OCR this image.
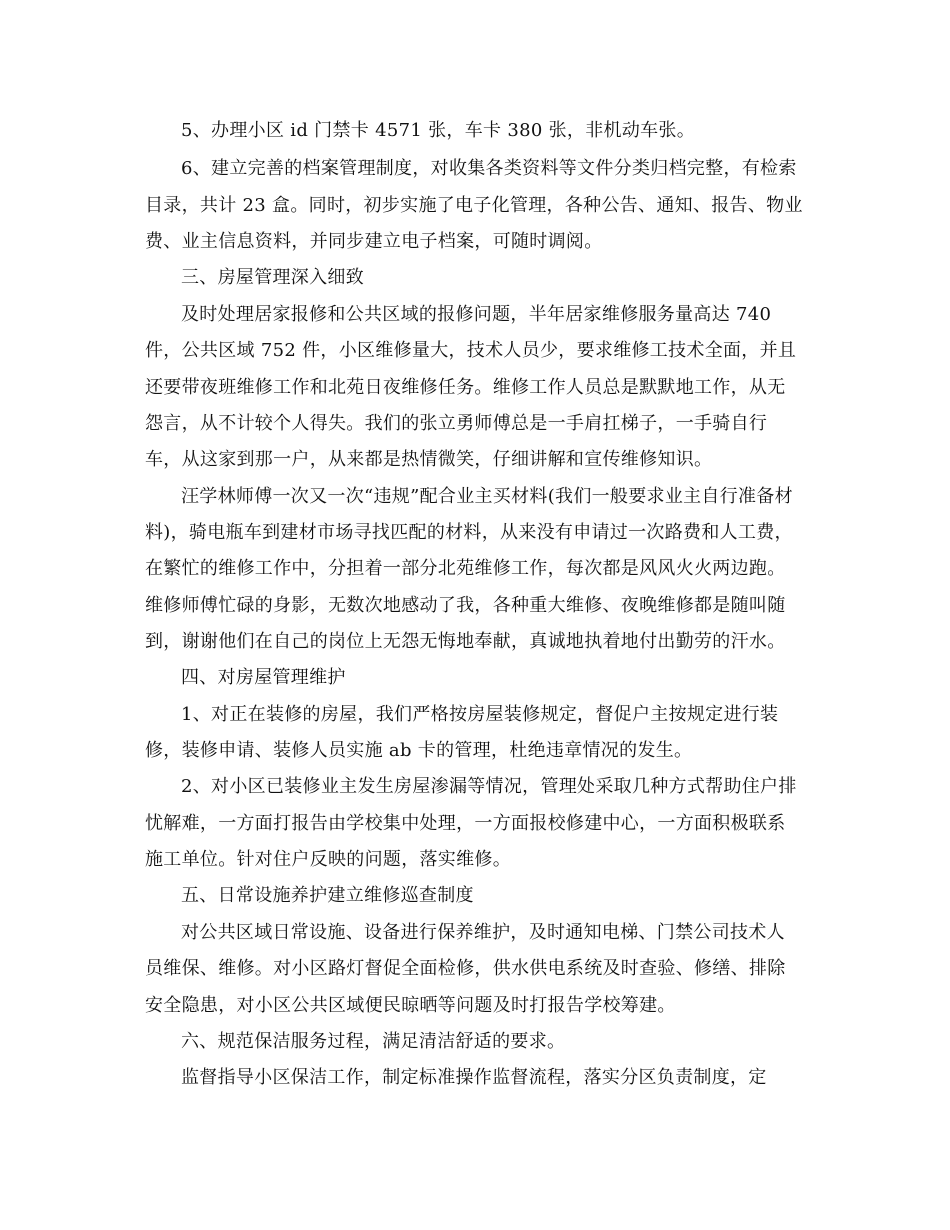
5、办理小区 id 门禁卡 4571 张，车卡 380 张，非机动车张。
6、建立完善的档案管理制度，对收集各类资料等文件分类归档完整，有检索
目录，共计 23 盒。同时，初步实施了电子化管理，各种公告、通知、报告、物业
费、业主信息资料，并同步建立电子档案，可随时调阅。
三、房屋管理深入细致
及时处理居家报修和公共区域的报修问题，半年居家维修服务量高达 740
件，公共区域 752 件，小区维修量大，技术人员少，要求维修工技术全面，并且
还要带夜班维修工作和北苑日夜维修任务。维修工作人员总是默默地工作，从无
怨言，从不计较个人得失。我们的张立勇师傅总是一手肩扛梯子，一手骑自行
车，从这家到那一户，从来都是热情微笑，仔细讲解和宣传维修知识。
汪学林师傅一次又一次“违规”配合业主买材料(我们一般要求业主自行准备材
料)，骑电瓶车到建材市场寻找匹配的材料，从来没有申请过一次路费和人工费，
在繁忙的维修工作中，分担着一部分北苑维修工作，每次都是风风火火两边跑。
维修师傅忙碌的身影，无数次地感动了我，各种重大维修、夜晚维修都是随叫随
到，谢谢他们在自己的岗位上无怨无悔地奉献，真诚地执着地付出勤劳的汗水。
四、对房屋管理维护
1、对正在装修的房屋，我们严格按房屋装修规定，督促户主按规定进行装
修，装修申请、装修人员实施 ab 卡的管理，杜绝违章情况的发生。
2、对小区已装修业主发生房屋渗漏等情况，管理处采取几种方式帮助住户排
忧解难，一方面打报告由学校集中处理，一方面报校修建中心，一方面积极联系
施工单位。针对住户反映的问题，落实维修。
五、日常设施养护建立维修巡查制度
对公共区域日常设施、设备进行保养维护，及时通知电梯、门禁公司技术人
员维保、维修。对小区路灯督促全面检修，供水供电系统及时查验、修缮、排除
安全隐患，对小区公共区域便民晾晒等问题及时打报告学校筹建。
六、规范保洁服务过程，满足清洁舒适的要求。
监督指导小区保洁工作，制定标准操作监督流程，落实分区负责制度，定
